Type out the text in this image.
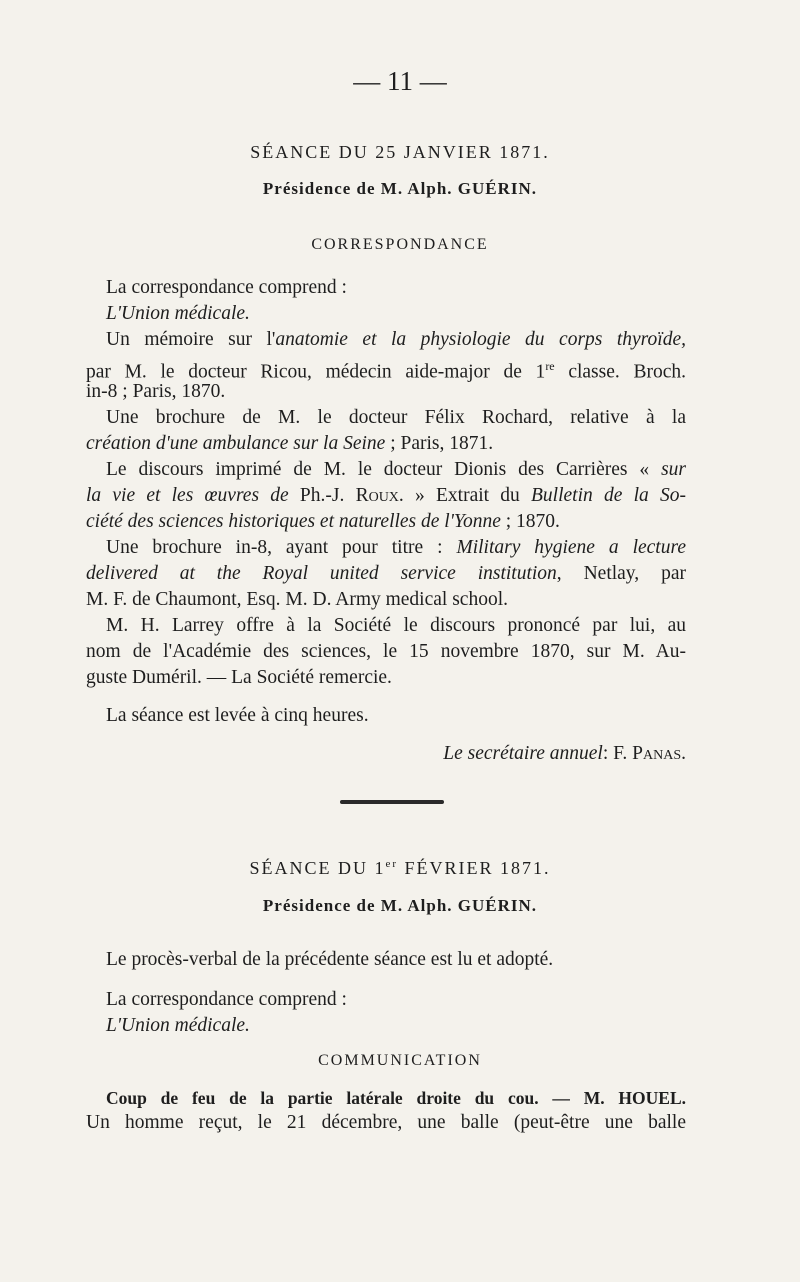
— 11 —
SÉANCE DU 25 JANVIER 1871.
Présidence de M. Alph. GUÉRIN.
CORRESPONDANCE
La correspondance comprend :
L'Union médicale.
Un mémoire sur l'anatomie et la physiologie du corps thyroïde,
par M. le docteur Ricou, médecin aide-major de 1re classe. Broch.
in-8 ; Paris, 1870.
Une brochure de M. le docteur Félix Rochard, relative à la
création d'une ambulance sur la Seine ; Paris, 1871.
Le discours imprimé de M. le docteur Dionis des Carrières « sur
la vie et les œuvres de Ph.-J. Roux. » Extrait du Bulletin de la So-
ciété des sciences historiques et naturelles de l'Yonne ; 1870.
Une brochure in-8, ayant pour titre : Military hygiene a lecture
delivered at the Royal united service institution, Netlay, par
M. F. de Chaumont, Esq. M. D. Army medical school.
M. H. Larrey offre à la Société le discours prononcé par lui, au
nom de l'Académie des sciences, le 15 novembre 1870, sur M. Au-
guste Duméril. — La Société remercie.
La séance est levée à cinq heures.
Le secrétaire annuel: F. Panas.
SÉANCE DU 1er FÉVRIER 1871.
Présidence de M. Alph. GUÉRIN.
Le procès-verbal de la précédente séance est lu et adopté.
La correspondance comprend :
L'Union médicale.
COMMUNICATION
Coup de feu de la partie latérale droite du cou. — M. HOUEL.
Un homme reçut, le 21 décembre, une balle (peut-être une balle
